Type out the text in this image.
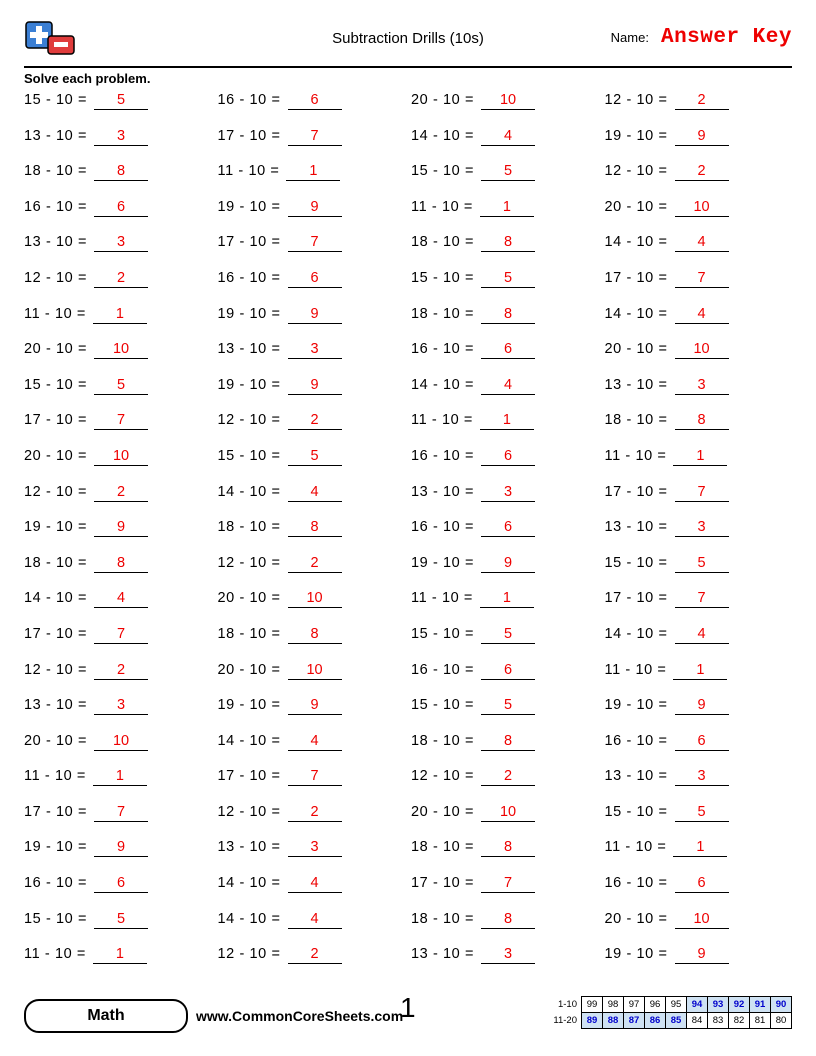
Subtraction Drills (10s)	Name: Answer Key
Solve each problem.
15 - 10 =	5	16 - 10 =	6	20 - 10 =	10	12 - 10 =	2
13 - 10 =	3	17 - 10 =	7	14 - 10 =	4	19 - 10 =	9
18 - 10 =	8	11 - 10 =	1	15 - 10 =	5	12 - 10 =	2
16 - 10 =	6	19 - 10 =	9	11 - 10 =	1	20 - 10 =	10
13 - 10 =	3	17 - 10 =	7	18 - 10 =	8	14 - 10 =	4
12 - 10 =	2	16 - 10 =	6	15 - 10 =	5	17 - 10 =	7
11 - 10 =	1	19 - 10 =	9	18 - 10 =	8	14 - 10 =	4
20 - 10 =	10	13 - 10 =	3	16 - 10 =	6	20 - 10 =	10
15 - 10 =	5	19 - 10 =	9	14 - 10 =	4	13 - 10 =	3
17 - 10 =	7	12 - 10 =	2	11 - 10 =	1	18 - 10 =	8
20 - 10 =	10	15 - 10 =	5	16 - 10 =	6	11 - 10 =	1
12 - 10 =	2	14 - 10 =	4	13 - 10 =	3	17 - 10 =	7
19 - 10 =	9	18 - 10 =	8	16 - 10 =	6	13 - 10 =	3
18 - 10 =	8	12 - 10 =	2	19 - 10 =	9	15 - 10 =	5
14 - 10 =	4	20 - 10 =	10	11 - 10 =	1	17 - 10 =	7
17 - 10 =	7	18 - 10 =	8	15 - 10 =	5	14 - 10 =	4
12 - 10 =	2	20 - 10 =	10	16 - 10 =	6	11 - 10 =	1
13 - 10 =	3	19 - 10 =	9	15 - 10 =	5	19 - 10 =	9
20 - 10 =	10	14 - 10 =	4	18 - 10 =	8	16 - 10 =	6
11 - 10 =	1	17 - 10 =	7	12 - 10 =	2	13 - 10 =	3
17 - 10 =	7	12 - 10 =	2	20 - 10 =	10	15 - 10 =	5
19 - 10 =	9	13 - 10 =	3	18 - 10 =	8	11 - 10 =	1
16 - 10 =	6	14 - 10 =	4	17 - 10 =	7	16 - 10 =	6
15 - 10 =	5	14 - 10 =	4	18 - 10 =	8	20 - 10 =	10
11 - 10 =	1	12 - 10 =	2	13 - 10 =	3	19 - 10 =	9
Math	www.CommonCoreSheets.com
1	1-10	99	98	97	96	95	94	93	92	91	90
11-20	89	88	87	86	85	84	83	82	81	80
